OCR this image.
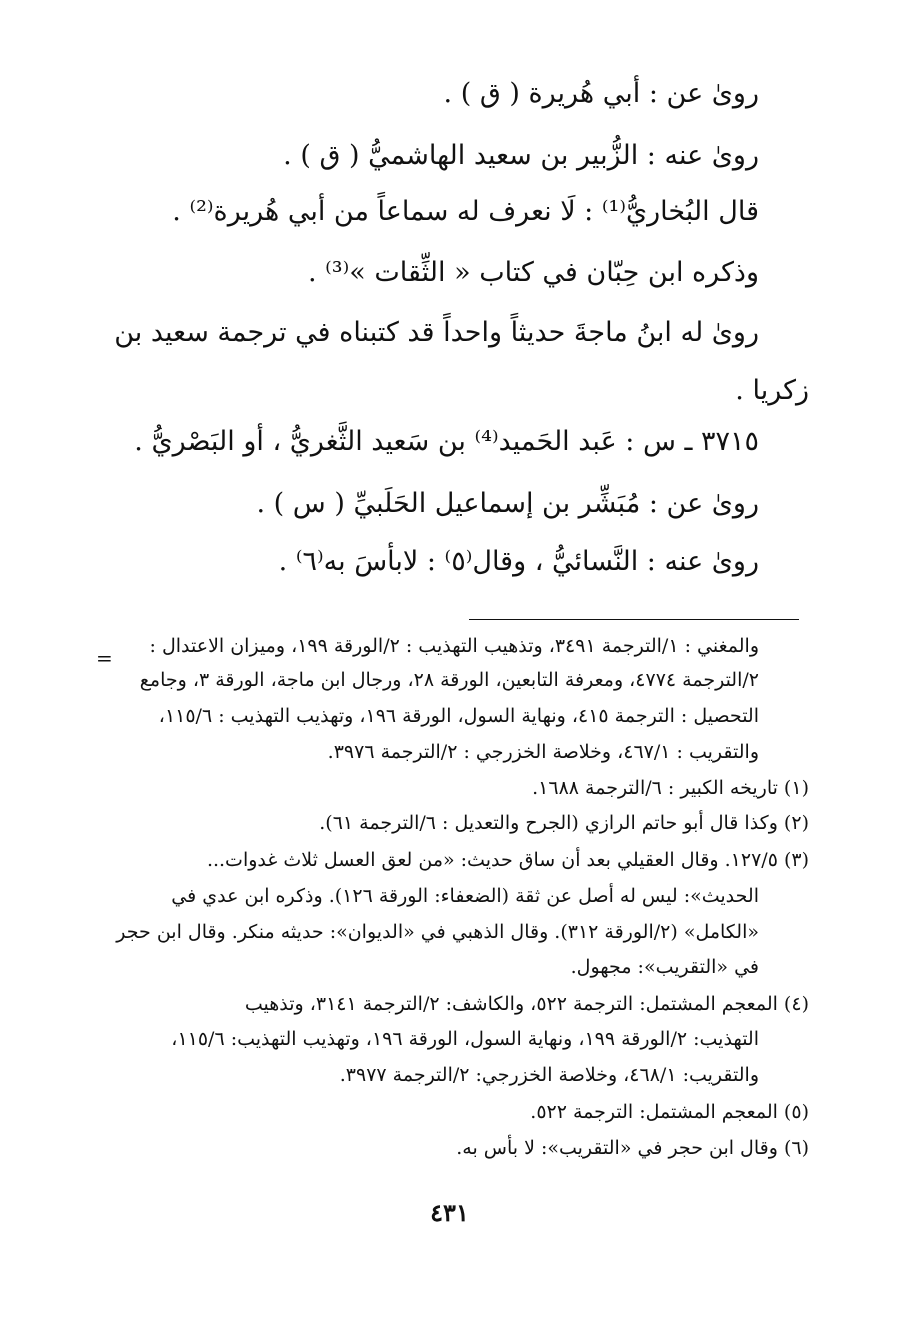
رویٰ عن : أبي هُريرة ( ق ) .
رویٰ عنه : الزُّبير بن سعيد الهاشميُّ ( ق ) .
قال البُخاريُّ⁽¹⁾ : لَا نعرف له سماعاً من أبي هُريرة⁽²⁾ .
وذكره ابن حِبّان في كتاب « الثِّقات »⁽³⁾ .
رویٰ له ابنُ ماجةَ حديثاً واحداً قد كتبناه في ترجمة سعيد بن
زكريا .
٣٧١٥ ـ س : عَبد الحَميد⁽⁴⁾ بن سَعيد الثَّغريُّ ، أو البَصْريُّ .
رویٰ عن : مُبَشِّر بن إسماعيل الحَلَبيِّ ( س ) .
رویٰ عنه : النَّسائيُّ ، وقال⁽٥⁾ : لابأسَ به⁽٦⁾ .
=	والمغني : ١/الترجمة ٣٤٩١، وتذهيب التهذيب : ٢/الورقة ١٩٩، وميزان الاعتدال :
٢/الترجمة ٤٧٧٤، ومعرفة التابعين، الورقة ٢٨، ورجال ابن ماجة، الورقة ٣، وجامع
التحصيل : الترجمة ٤١٥، ونهاية السول، الورقة ١٩٦، وتهذيب التهذيب : ١١٥/٦،
والتقريب : ٤٦٧/١، وخلاصة الخزرجي : ٢/الترجمة ٣٩٧٦.
(١) تاريخه الكبير : ٦/الترجمة ١٦٨٨.
(٢) وكذا قال أبو حاتم الرازي (الجرح والتعديل : ٦/الترجمة ٦١).
(٣) ١٢٧/٥. وقال العقيلي بعد أن ساق حديث: «من لعق العسل ثلاث غدوات...
الحديث»: ليس له أصل عن ثقة (الضعفاء: الورقة ١٢٦). وذكره ابن عدي في
«الكامل» (٢/الورقة ٣١٢). وقال الذهبي في «الديوان»: حديثه منكر. وقال ابن حجر
في «التقريب»: مجهول.
(٤) المعجم المشتمل: الترجمة ٥٢٢، والكاشف: ٢/الترجمة ٣١٤١، وتذهيب
التهذيب: ٢/الورقة ١٩٩، ونهاية السول، الورقة ١٩٦، وتهذيب التهذيب: ١١٥/٦،
والتقريب: ٤٦٨/١، وخلاصة الخزرجي: ٢/الترجمة ٣٩٧٧.
(٥) المعجم المشتمل: الترجمة ٥٢٢.
(٦) وقال ابن حجر في «التقريب»: لا بأس به.
٤٣١
